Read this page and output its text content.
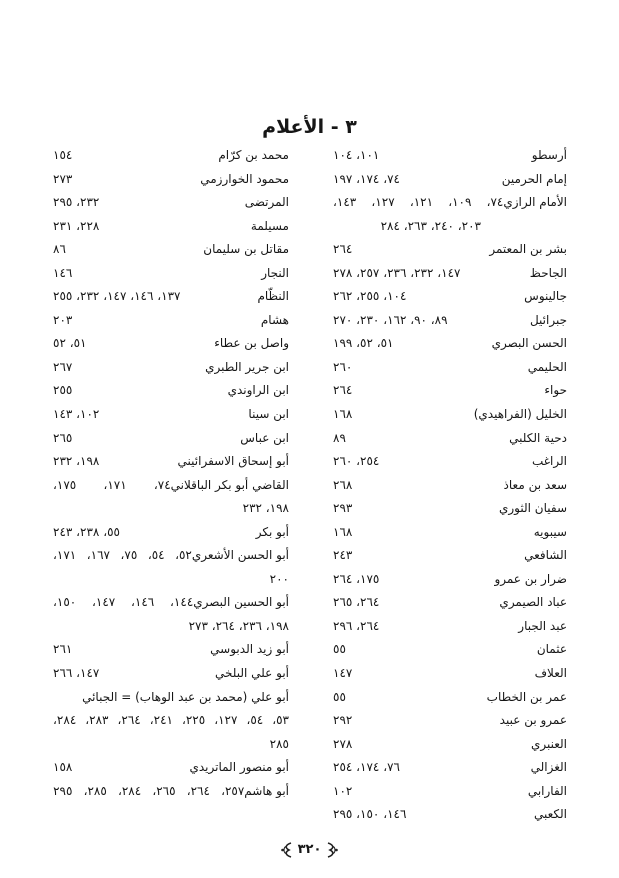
٣ - الأعلام
أرسطو
١٠١، ١٠٤
إمام الحرمين
٧٤، ١٧٤، ١٩٧
الأمام الرازي٧٤،
١٠٩،
١٢١،
١٢٧،
١٤٣،
٢٠٣، ٢٤٠، ٢٦٣، ٢٨٤
بشر بن المعتمر
٢٦٤
الجاحظ
١٤٧، ٢٣٢، ٢٣٦، ٢٥٧، ٢٧٨
جالينوس
١٠٤، ٢٥٥، ٢٦٢
جبرائيل
٨٩، ٩٠، ١٦٢، ٢٣٠، ٢٧٠
الحسن البصري
٥١، ٥٢، ١٩٩
الحليمي
٢٦٠
حواء
٢٦٤
الخليل (الفراهيدي)
١٦٨
دحية الكلبي
٨٩
الراغب
٢٥٤، ٢٦٠
سعد بن معاذ
٢٦٨
سفيان الثوري
٢٩٣
سيبويه
١٦٨
الشافعي
٢٤٣
ضرار بن عمرو
١٧٥، ٢٦٤
عباد الصيمري
٢٦٤، ٢٦٥
عبد الجبار
٢٦٤، ٢٩٦
عثمان
٥٥
العلاف
١٤٧
عمر بن الخطاب
٥٥
عمرو بن عبيد
٢٩٢
العنبري
٢٧٨
الغزالي
٧٦، ١٧٤، ٢٥٤
الفارابي
١٠٢
الكعبي
١٤٦، ١٥٠، ٢٩٥
محمد بن كرّام
١٥٤
محمود الخوارزمي
٢٧٣
المرتضى
٢٣٢، ٢٩٥
مسيلمة
٢٢٨، ٢٣١
مقاتل بن سليمان
٨٦
النجار
١٤٦
النظّام
١٣٧، ١٤٦، ١٤٧، ٢٣٢، ٢٥٥
هشام
٢٠٣
واصل بن عطاء
٥١، ٥٢
ابن جرير الطبري
٢٦٧
ابن الراوندي
٢٥٥
ابن سينا
١٠٢، ١٤٣
ابن عباس
٢٦٥
أبو إسحاق الاسفرائيني
١٩٨، ٢٣٢
القاضي أبو بكر الباقلاني٧٤،
١٧١،
١٧٥،
١٩٨، ٢٣٢
أبو بكر
٥٥، ٢٣٨، ٢٤٣
أبو الحسن الأشعري٥٢،
٥٤،
٧٥،
١٦٧،
١٧١،
٢٠٠
أبو الحسين البصري١٤٤،
١٤٦،
١٤٧،
١٥٠،
١٩٨، ٢٣٦، ٢٦٤، ٢٧٣
أبو زيد الدبوسي
٢٦١
أبو علي البلخي
١٤٧، ٢٦٦
أبو علي (محمد بن عبد الوهاب) = الجبائي
٥٣،
٥٤،
١٢٧،
٢٢٥،
٢٤١،
٢٦٤،
٢٨٣،
٢٨٤،
٢٨٥
أبو منصور الماتريدي
١٥٨
أبو هاشم٢٥٧،
٢٦٤،
٢٦٥،
٢٨٤،
٢٨٥،
٢٩٥
٣٢٠
